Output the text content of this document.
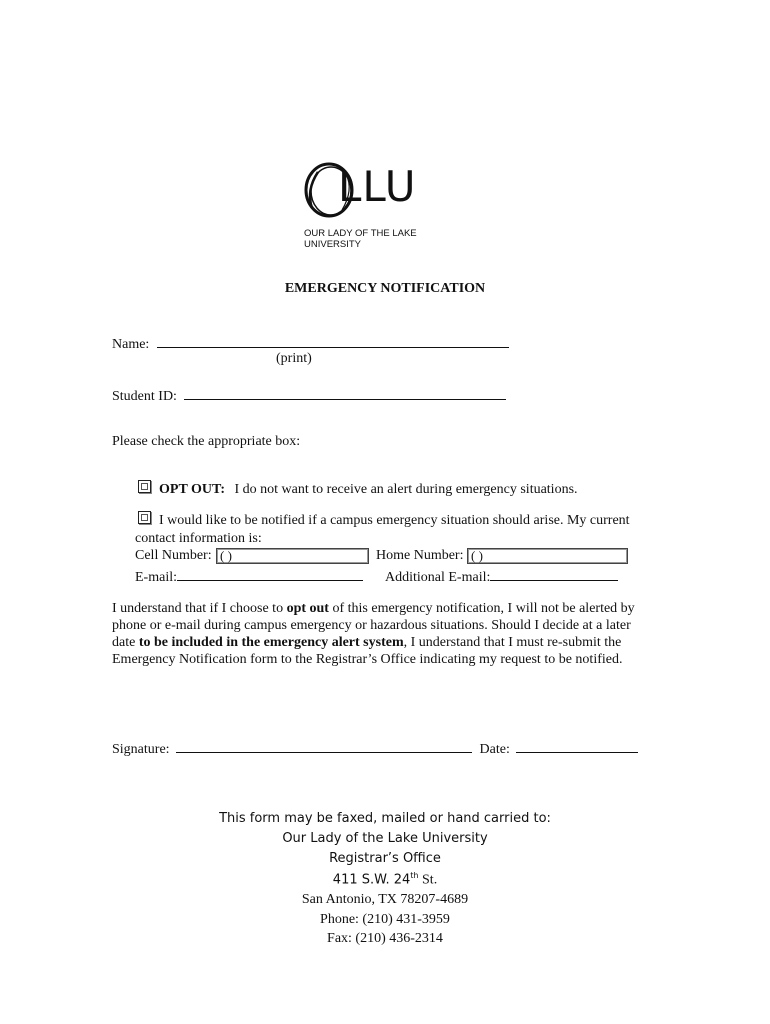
LLU
OUR LADY OF THE LAKE UNIVERSITY
EMERGENCY NOTIFICATION
Name:
(print)
Student ID:
Please check the appropriate box:
OPT OUT: I do not want to receive an alert during emergency situations.
I would like to be notified if a campus emergency situation should arise. My current
contact information is:
Cell Number: ( )	Home Number: ( )
E-mail:	Additional E-mail:
I understand that if I choose to opt out of this emergency notification, I will not be alerted by phone or e-mail during campus emergency or hazardous situations. Should I decide at a later date to be included in the emergency alert system, I understand that I must re-submit the Emergency Notification form to the Registrar’s Office indicating my request to be notified.
Signature:	Date:
This form may be faxed, mailed or hand carried to:
Our Lady of the Lake University
Registrar’s Office
411 S.W. 24th St.
San Antonio, TX 78207-4689
Phone: (210) 431-3959
Fax: (210) 436-2314
